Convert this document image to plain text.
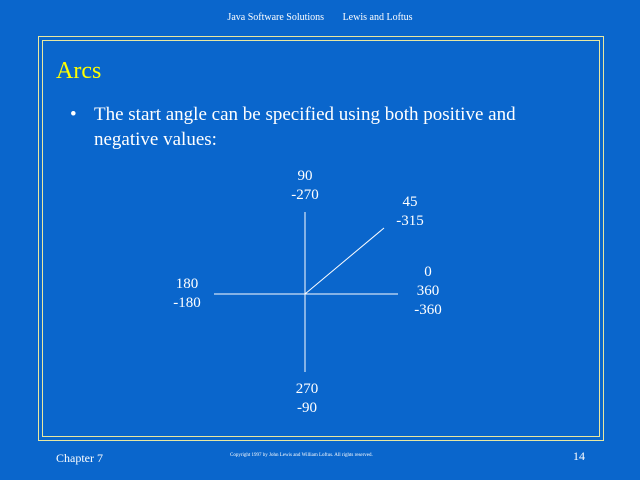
Java Software Solutions Lewis and Loftus
Arcs
• The start angle can be specified using both positive and negative values:
90
-270	45
-315
0
360
-360
180
-180
270
-90
Chapter 7	Copyright 1997 by John Lewis and William Loftus. All rights reserved.	14
